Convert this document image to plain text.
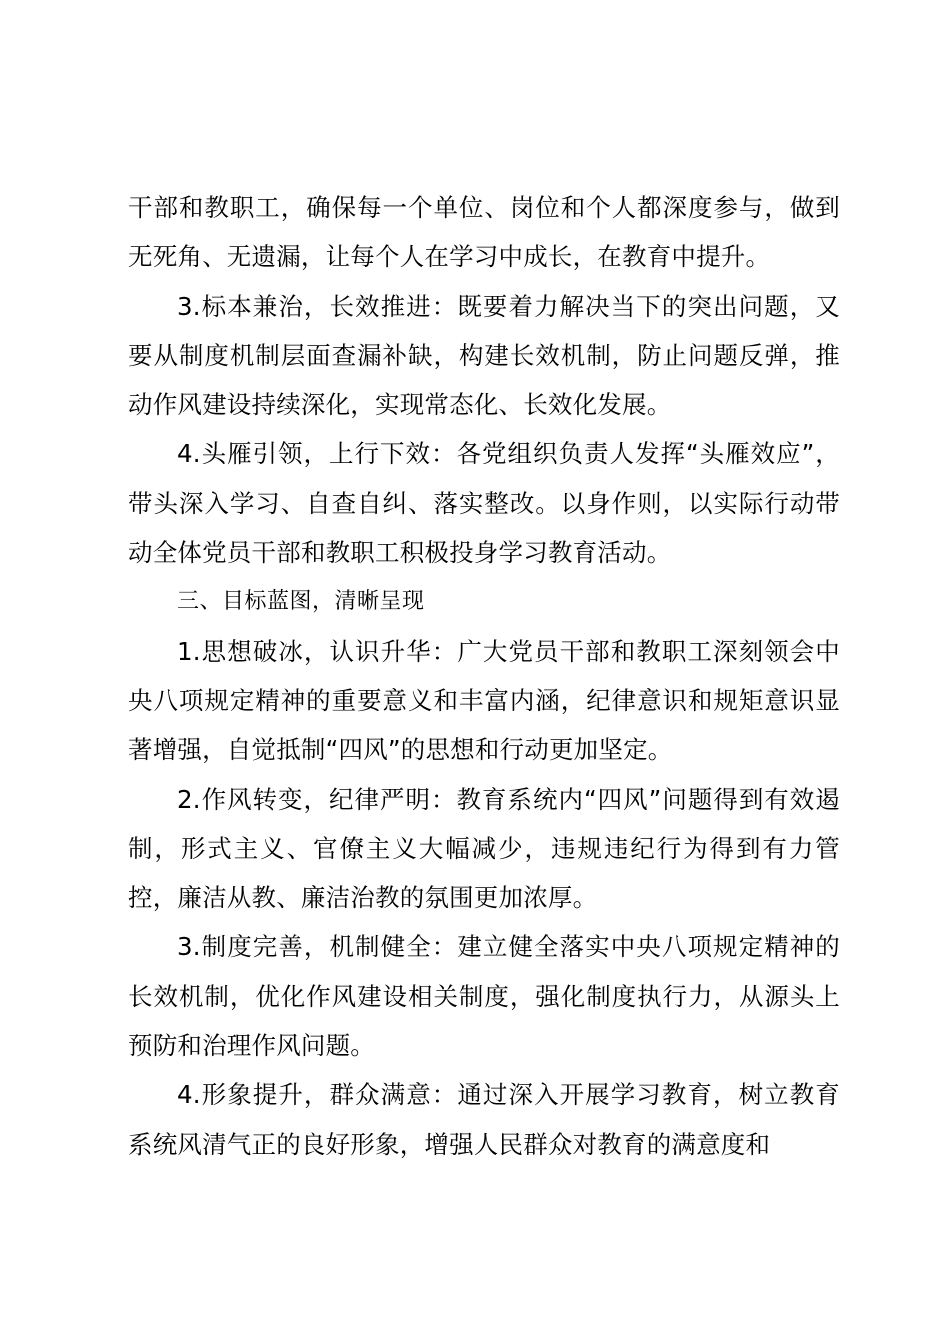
干部和教职工，确保每一个单位、岗位和个人都深度参与，做到无死角、无遗漏，让每个人在学习中成长，在教育中提升。

3.标本兼治，长效推进：既要着力解决当下的突出问题，又要从制度机制层面查漏补缺，构建长效机制，防止问题反弹，推动作风建设持续深化，实现常态化、长效化发展。

4.头雁引领，上行下效：各党组织负责人发挥“头雁效应”，带头深入学习、自查自纠、落实整改。以身作则，以实际行动带动全体党员干部和教职工积极投身学习教育活动。

三、目标蓝图，清晰呈现

1.思想破冰，认识升华：广大党员干部和教职工深刻领会中央八项规定精神的重要意义和丰富内涵，纪律意识和规矩意识显著增强，自觉抵制“四风”的思想和行动更加坚定。

2.作风转变，纪律严明：教育系统内“四风”问题得到有效遏制，形式主义、官僚主义大幅减少，违规违纪行为得到有力管控，廉洁从教、廉洁治教的氛围更加浓厚。

3.制度完善，机制健全：建立健全落实中央八项规定精神的长效机制，优化作风建设相关制度，强化制度执行力，从源头上预防和治理作风问题。

4.形象提升，群众满意：通过深入开展学习教育，树立教育系统风清气正的良好形象，增强人民群众对教育的满意度和
